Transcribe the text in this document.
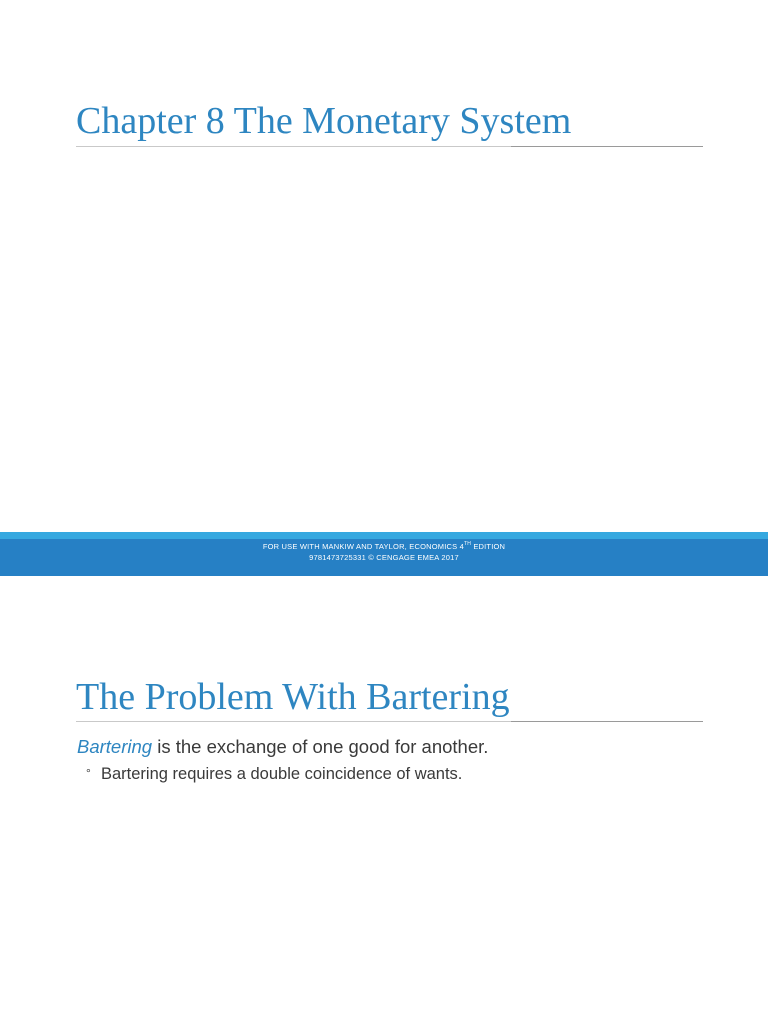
Chapter 8 The Monetary System
FOR USE WITH MANKIW AND TAYLOR, ECONOMICS 4TH EDITION
9781473725331 © CENGAGE EMEA 2017
The Problem With Bartering

Bartering is the exchange of one good for another.

° Bartering requires a double coincidence of wants.
